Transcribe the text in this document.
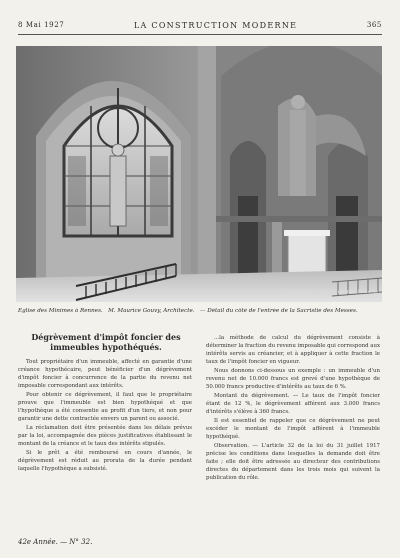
8 Mai 1927	LA CONSTRUCTION MODERNE	365
Photo Gravure · La Construction Moderne
Eglise des Minimes à Rennes. M. Maurice Gouvy, Architecte. — Détail du côté de l'entrée de la Sacristie des Messes.
Dégrèvement d'impôt foncier des immeubles hypothéqués.

Tout propriétaire d'un immeuble, affecté en garantie d'une créance hypothécaire, peut bénéficier d'un dégrèvement d'impôt foncier à concurrence de la partie du revenu net imposable correspondant aux intérêts.

Pour obtenir ce dégrèvement, il faut que le propriétaire prouve que l'immeuble est bien hypothéqué et que l'hypothèque a été consentie au profit d'un tiers, et non pour garantir une dette contractée envers un parent ou associé.

La réclamation doit être présentée dans les délais prévus par la loi, accompagnée des pièces justificatives établissant le montant de la créance et le taux des intérêts stipulés.

Si le prêt a été remboursé en cours d'année, le dégrèvement est réduit au prorata de la durée pendant laquelle l'hypothèque a subsisté.

...la méthode de calcul du dégrèvement consiste à déterminer la fraction du revenu imposable qui correspond aux intérêts servis au créancier, et à appliquer à cette fraction le taux de l'impôt foncier en vigueur.

Nous donnons ci-dessous un exemple : un immeuble d'un revenu net de 10.000 francs est grevé d'une hypothèque de 50.000 francs productive d'intérêts au taux de 6 %.

Montant du dégrèvement. — Le taux de l'impôt foncier étant de 12 %, le dégrèvement afférent aux 3.000 francs d'intérêts s'élève à 360 francs.

Il est essentiel de rappeler que ce dégrèvement ne peut excéder le montant de l'impôt afférent à l'immeuble hypothéqué.

Observation. — L'article 32 de la loi du 31 juillet 1917 précise les conditions dans lesquelles la demande doit être faite ; elle doit être adressée au directeur des contributions directes du département dans les trois mois qui suivent la publication du rôle.

42e Année. — N° 32.
